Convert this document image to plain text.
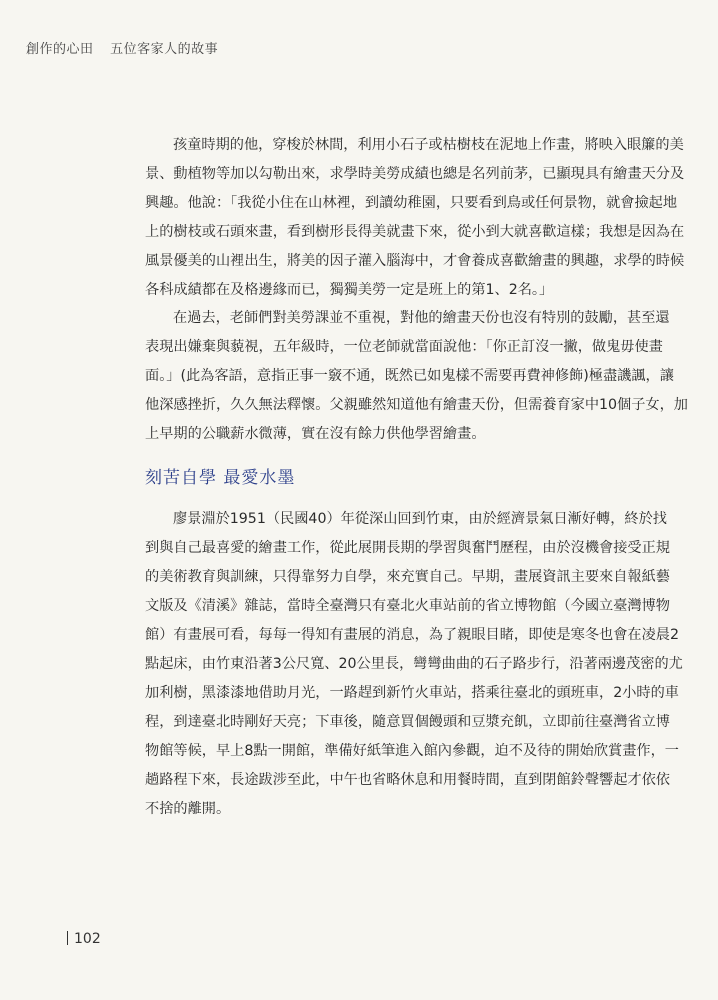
創作的心田 五位客家人的故事

孩童時期的他，穿梭於林間，利用小石子或枯樹枝在泥地上作畫，將映入眼簾的美
景、動植物等加以勾勒出來，求學時美勞成績也總是名列前茅，已顯現具有繪畫天分及
興趣。他說：「我從小住在山林裡，到讀幼稚園，只要看到鳥或任何景物，就會撿起地
上的樹枝或石頭來畫，看到樹形長得美就畫下來，從小到大就喜歡這樣；我想是因為在
風景優美的山裡出生，將美的因子灌入腦海中，才會養成喜歡繪畫的興趣，求學的時候
各科成績都在及格邊緣而已，獨獨美勞一定是班上的第1、2名。」

在過去，老師們對美勞課並不重視，對他的繪畫天份也沒有特別的鼓勵，甚至還
表現出嫌棄與藐視，五年級時，一位老師就當面說他：「你正訂沒一撇，做鬼毋使畫
面。」(此為客語，意指正事一竅不通，既然已如鬼樣不需要再費神修飾)極盡譏諷，讓
他深感挫折，久久無法釋懷。父親雖然知道他有繪畫天份，但需養育家中10個子女，加
上早期的公職薪水微薄，實在沒有餘力供他學習繪畫。

刻苦自學 最愛水墨

廖景淵於1951（民國40）年從深山回到竹東，由於經濟景氣日漸好轉，終於找
到與自己最喜愛的繪畫工作，從此展開長期的學習與奮鬥歷程，由於沒機會接受正規
的美術教育與訓練，只得靠努力自學，來充實自己。早期，畫展資訊主要來自報紙藝
文版及《清溪》雜誌，當時全臺灣只有臺北火車站前的省立博物館（今國立臺灣博物
館）有畫展可看，每每一得知有畫展的消息，為了親眼目睹，即使是寒冬也會在凌晨2
點起床，由竹東沿著3公尺寬、20公里長，彎彎曲曲的石子路步行，沿著兩邊茂密的尤
加利樹，黑漆漆地借助月光，一路趕到新竹火車站，搭乘往臺北的頭班車，2小時的車
程，到達臺北時剛好天亮；下車後，隨意買個饅頭和豆漿充飢，立即前往臺灣省立博
物館等候，早上8點一開館，準備好紙筆進入館內參觀，迫不及待的開始欣賞畫作，一
趟路程下來，長途跋涉至此，中午也省略休息和用餐時間，直到閉館鈴聲響起才依依
不捨的離開。

102
